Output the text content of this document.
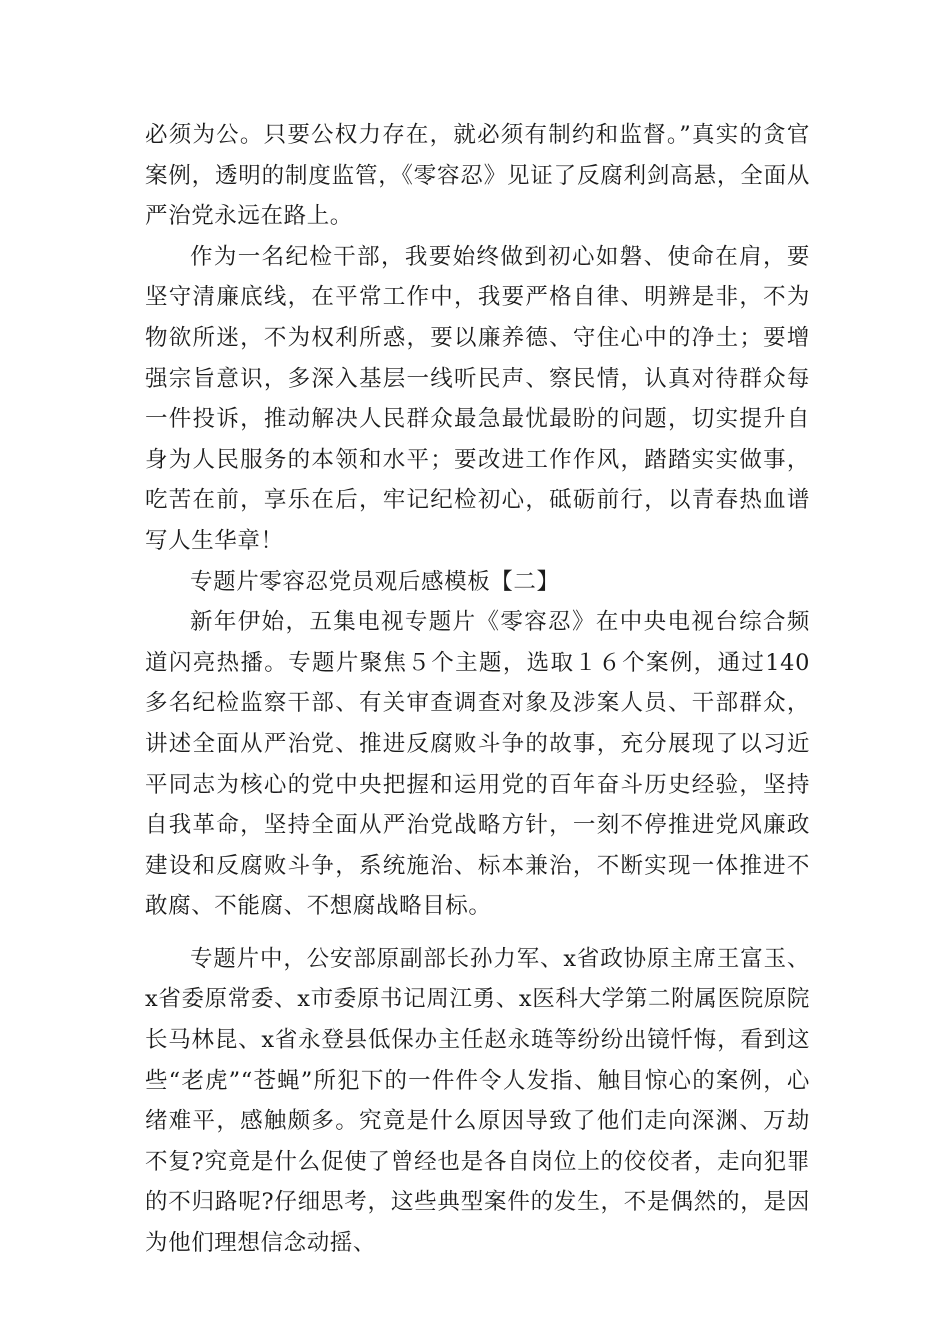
必须为公。只要公权力存在，就必须有制约和监督。”真实的贪官案例，透明的制度监管，《零容忍》见证了反腐利剑高悬，全面从严治党永远在路上。

作为一名纪检干部，我要始终做到初心如磐、使命在肩，要坚守清廉底线，在平常工作中，我要严格自律、明辨是非，不为物欲所迷，不为权利所惑，要以廉养德、守住心中的净土；要增强宗旨意识，多深入基层一线听民声、察民情，认真对待群众每一件投诉，推动解决人民群众最急最忧最盼的问题，切实提升自身为人民服务的本领和水平；要改进工作作风，踏踏实实做事，吃苦在前，享乐在后，牢记纪检初心，砥砺前行，以青春热血谱写人生华章！

专题片零容忍党员观后感模板【二】

新年伊始，五集电视专题片《零容忍》在中央电视台综合频道闪亮热播。专题片聚焦５个主题，选取１６个案例，通过140多名纪检监察干部、有关审查调查对象及涉案人员、干部群众，讲述全面从严治党、推进反腐败斗争的故事，充分展现了以习近平同志为核心的党中央把握和运用党的百年奋斗历史经验，坚持自我革命，坚持全面从严治党战略方针，一刻不停推进党风廉政建设和反腐败斗争，系统施治、标本兼治，不断实现一体推进不敢腐、不能腐、不想腐战略目标。

专题片中，公安部原副部长孙力军、x省政协原主席王富玉、x省委原常委、x市委原书记周江勇、x医科大学第二附属医院原院长马林昆、x省永登县低保办主任赵永琏等纷纷出镜忏悔，看到这些“老虎”“苍蝇”所犯下的一件件令人发指、触目惊心的案例，心绪难平，感触颇多。究竟是什么原因导致了他们走向深渊、万劫不复?究竟是什么促使了曾经也是各自岗位上的佼佼者，走向犯罪的不归路呢?仔细思考，这些典型案件的发生，不是偶然的，是因为他们理想信念动摇、
